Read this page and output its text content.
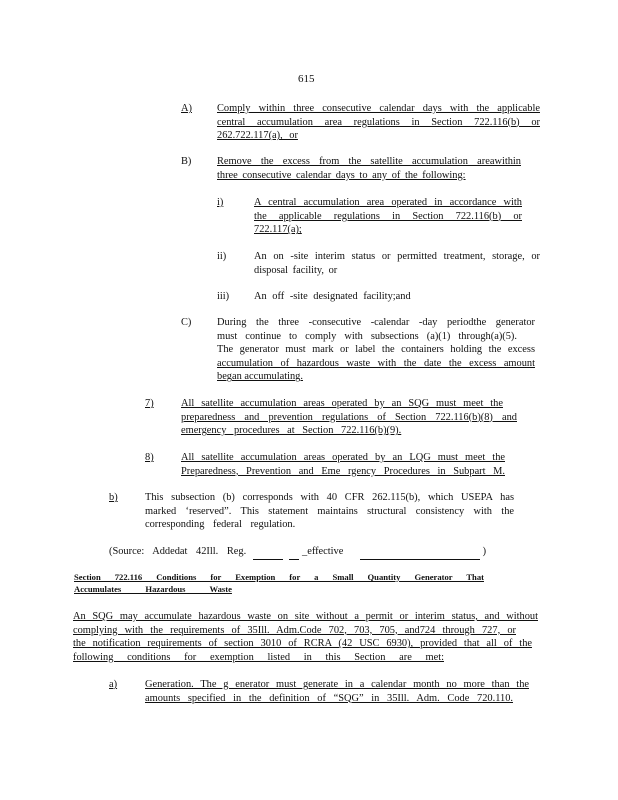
615
A) Comply within three consecutive calendar days with the applicable
central accumulation area regulations in Section 722.116(b) or
262.722.117(a), or
B) Remove the excess from the satellite accumulation areawithin
three consecutive calendar days to any of the following:
i)	A central accumulation area operated in accordance with
the applicable regulations in Section 722.116(b) or
722.117(a);
ii)	An on -site interim status or permitted treatment, storage, or
disposal facility, or
iii) An off -site designated facility;and
C) During the three -consecutive -calendar -day periodthe generator
must continue to comply with subsections (a)(1) through(a)(5).
The generator must mark or label the containers holding the excess
accumulation of hazardous waste with the date the excess amount
began accumulating.
7)	All satellite accumulation areas operated by an SQG must meet the
preparedness and prevention regulations of Section 722.116(b)(8) and
emergency procedures at Section 722.116(b)(9).
8)	All satellite accumulation areas operated by an LQG must meet the
Preparedness, Prevention and Eme rgency Procedures in Subpart M.
b)	This subsection (b) corresponds with 40 CFR 262.115(b), which USEPA has
marked ‘reserved”. This statement maintains structural consistency with the
corresponding federal regulation.
(Source: Addedat 42Ill. Reg.	_effective	)
Section 722.116 Conditions for Exemption for a Small Quantity Generator That
Accumulates Hazardous Waste
An SQG may accumulate hazardous waste on site without a permit or interim status, and without
complying with the requirements of 35Ill. Adm.Code 702, 703, 705, and724 through 727, or
the notification requirements of section 3010 of RCRA (42 USC 6930), provided that all of the
following conditions for exemption listed in this Section are met:
a)	Generation. The g enerator must generate in a calendar month no more than the
amounts specified in the definition of “SQG” in 35Ill. Adm. Code 720.110.
